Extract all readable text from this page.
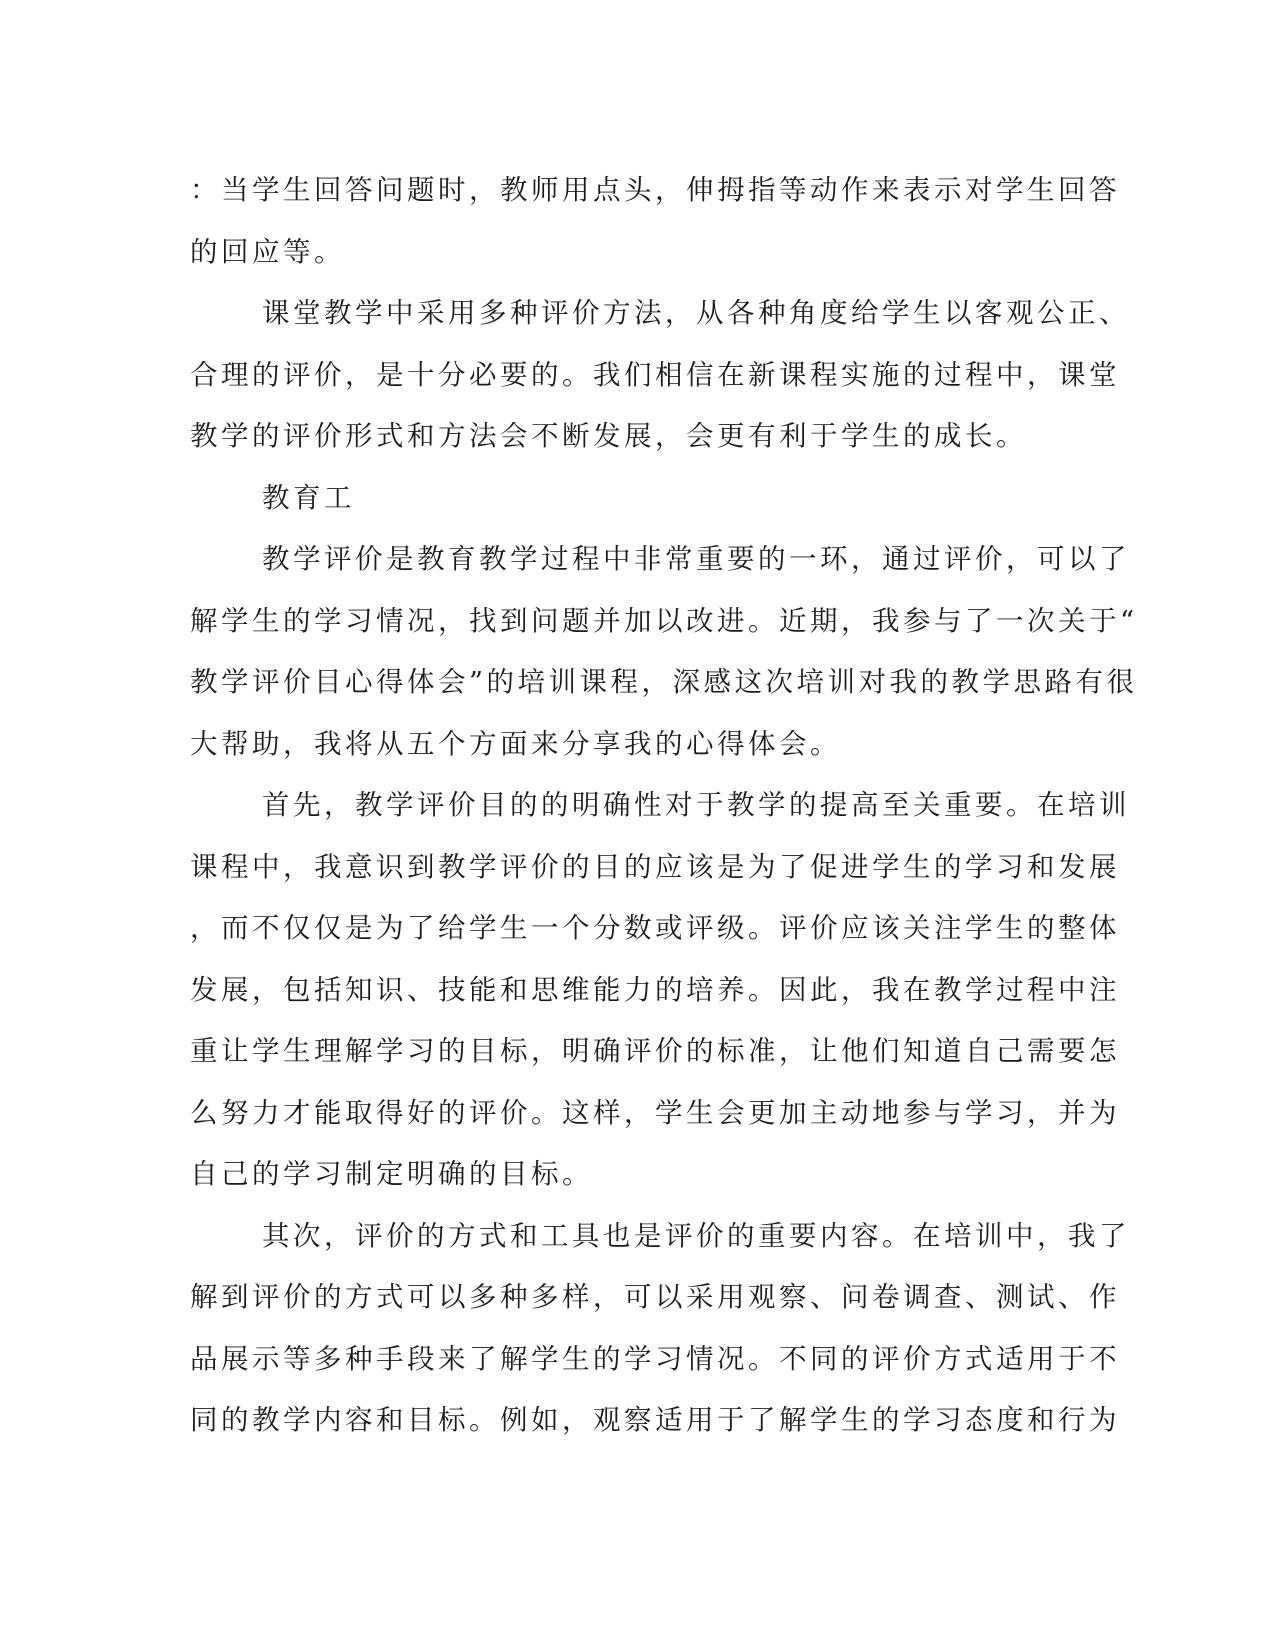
：当学生回答问题时，教师用点头，伸拇指等动作来表示对学生回答
的回应等。
课堂教学中采用多种评价方法，从各种角度给学生以客观公正、
合理的评价，是十分必要的。我们相信在新课程实施的过程中，课堂
教学的评价形式和方法会不断发展，会更有利于学生的成长。
教育工
教学评价是教育教学过程中非常重要的一环，通过评价，可以了
解学生的学习情况，找到问题并加以改进。近期，我参与了一次关于“
教学评价目心得体会”的培训课程，深感这次培训对我的教学思路有很
大帮助，我将从五个方面来分享我的心得体会。
首先，教学评价目的的明确性对于教学的提高至关重要。在培训
课程中，我意识到教学评价的目的应该是为了促进学生的学习和发展
，而不仅仅是为了给学生一个分数或评级。评价应该关注学生的整体
发展，包括知识、技能和思维能力的培养。因此，我在教学过程中注
重让学生理解学习的目标，明确评价的标准，让他们知道自己需要怎
么努力才能取得好的评价。这样，学生会更加主动地参与学习，并为
自己的学习制定明确的目标。
其次，评价的方式和工具也是评价的重要内容。在培训中，我了
解到评价的方式可以多种多样，可以采用观察、问卷调查、测试、作
品展示等多种手段来了解学生的学习情况。不同的评价方式适用于不
同的教学内容和目标。例如，观察适用于了解学生的学习态度和行为
